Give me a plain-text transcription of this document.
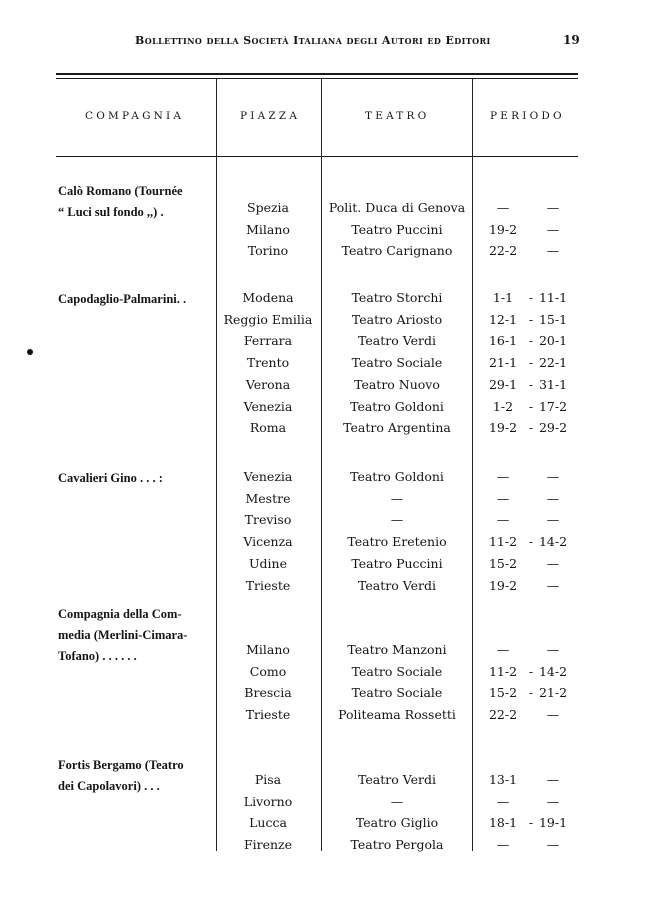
Bollettino della Società Italiana degli Autori ed Editori	19
COMPAGNIA	PIAZZA	TEATRO	PERIODO
Calò Romano (Tournée
“ Luci sul fondo ,,) .	Spezia	Polit. Duca di Genova	—	—
Milano	Teatro Puccini	19-2	—
Torino	Teatro Carignano	22-2	—
Capodaglio-Palmarini. .	Modena	Teatro Storchi	1-1	- 11-1
Reggio Emilia	Teatro Ariosto	12-1 - 15-1
Ferrara	Teatro Verdi	16-1 - 20-1
Trento	Teatro Sociale	21-1 - 22-1
Verona	Teatro Nuovo	29-1 - 31-1
Venezia	Teatro Goldoni	1-2	- 17-2
Roma	Teatro Argentina	19-2 - 29-2
Cavalieri Gino . . . :	Venezia	Teatro Goldoni	—	—
Mestre	—	—	—
Treviso	—	—	—
Vicenza	Teatro Eretenio	11-2 - 14-2
Udine	Teatro Puccini	15-2	—
Trieste	Teatro Verdi	19-2	—
Compagnia della Com-
media (Merlini-Cimara-
Tofano) . . . . . .	Milano	Teatro Manzoni	—	—
Como	Teatro Sociale	11-2 - 14-2
Brescia	Teatro Sociale	15-2 - 21-2
Trieste	Politeama Rossetti	22-2	—
Fortis Bergamo (Teatro
dei Capolavori) . . .	Pisa	Teatro Verdi	13-1	—
Livorno	—	—	—
Lucca	Teatro Giglio	18-1 - 19-1
Firenze	Teatro Pergola	—	—
